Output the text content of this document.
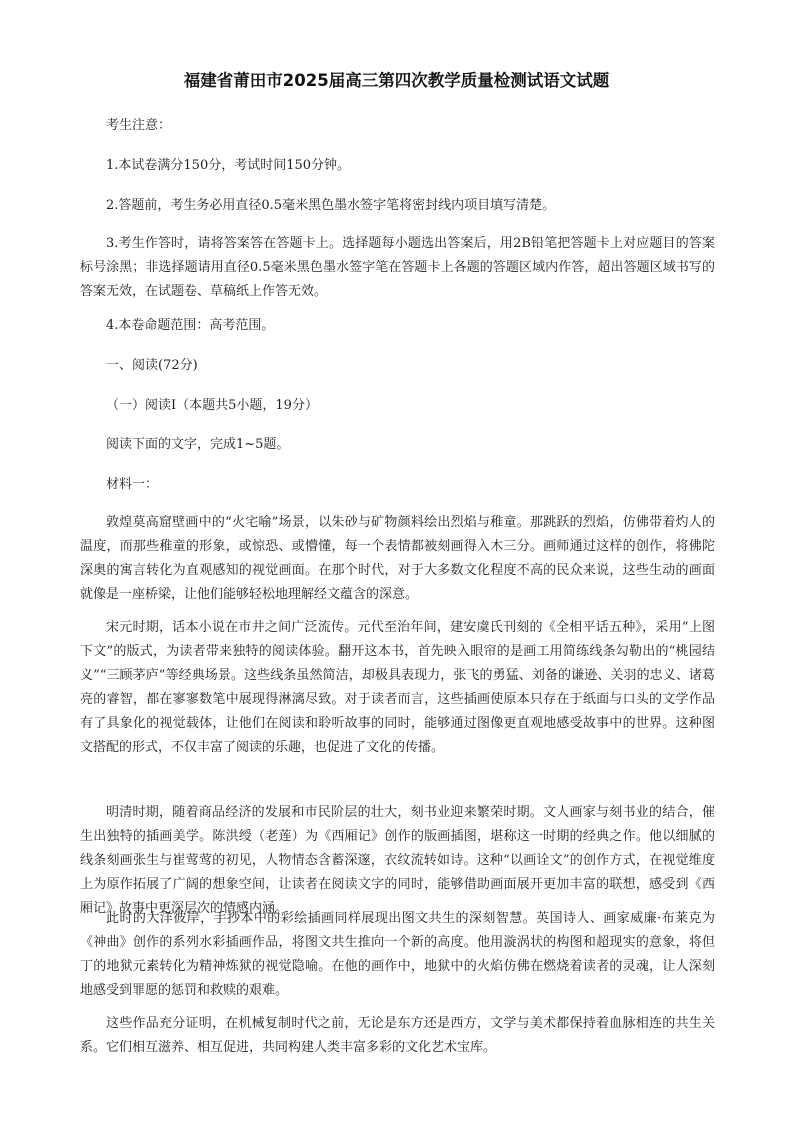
福建省莆田市2025届高三第四次教学质量检测试语文试题
考生注意：
1.本试卷满分150分，考试时间150分钟。
2.答题前，考生务必用直径0.5毫米黑色墨水签字笔将密封线内项目填写清楚。
3.考生作答时，请将答案答在答题卡上。选择题每小题选出答案后，用2B铅笔把答题卡上对应题目的答案标号涂黑；非选择题请用直径0.5毫米黑色墨水签字笔在答题卡上各题的答题区域内作答，超出答题区域书写的答案无效，在试题卷、草稿纸上作答无效。
4.本卷命题范围：高考范围。
一、阅读(72分)
（一）阅读Ⅰ（本题共5小题，19分）
阅读下面的文字，完成1~5题。
材料一：
敦煌莫高窟壁画中的“火宅喻”场景，以朱砂与矿物颜料绘出烈焰与稚童。那跳跃的烈焰，仿佛带着灼人的温度，而那些稚童的形象，或惊恐、或懵懂，每一个表情都被刻画得入木三分。画师通过这样的创作，将佛陀深奥的寓言转化为直观感知的视觉画面。在那个时代，对于大多数文化程度不高的民众来说，这些生动的画面就像是一座桥梁，让他们能够轻松地理解经文蕴含的深意。
宋元时期，话本小说在市井之间广泛流传。元代至治年间，建安虞氏刊刻的《全相平话五种》，采用“上图下文”的版式，为读者带来独特的阅读体验。翻开这本书，首先映入眼帘的是画工用简练线条勾勒出的“桃园结义”“三顾茅庐”等经典场景。这些线条虽然简洁，却极具表现力，张飞的勇猛、刘备的谦逊、关羽的忠义、诸葛亮的睿智，都在寥寥数笔中展现得淋漓尽致。对于读者而言，这些插画使原本只存在于纸面与口头的文学作品有了具象化的视觉载体，让他们在阅读和聆听故事的同时，能够通过图像更直观地感受故事中的世界。这种图文搭配的形式，不仅丰富了阅读的乐趣，也促进了文化的传播。
明清时期，随着商品经济的发展和市民阶层的壮大，刻书业迎来繁荣时期。文人画家与刻书业的结合，催生出独特的插画美学。陈洪绶（老莲）为《西厢记》创作的版画插图，堪称这一时期的经典之作。他以细腻的线条刻画张生与崔莺莺的初见，人物情态含蓄深邃，衣纹流转如诗。这种“以画诠文”的创作方式，在视觉维度上为原作拓展了广阔的想象空间，让读者在阅读文字的同时，能够借助画面展开更加丰富的联想，感受到《西厢记》故事中更深层次的情感内涵。
此时的大洋彼岸，手抄本中的彩绘插画同样展现出图文共生的深刻智慧。英国诗人、画家威廉·布莱克为《神曲》创作的系列水彩插画作品，将图文共生推向一个新的高度。他用漩涡状的构图和超现实的意象，将但丁的地狱元素转化为精神炼狱的视觉隐喻。在他的画作中，地狱中的火焰仿佛在燃烧着读者的灵魂，让人深刻地感受到罪愿的惩罚和救赎的艰难。
这些作品充分证明，在机械复制时代之前，无论是东方还是西方，文学与美术都保持着血脉相连的共生关系。它们相互滋养、相互促进，共同构建人类丰富多彩的文化艺术宝库。
